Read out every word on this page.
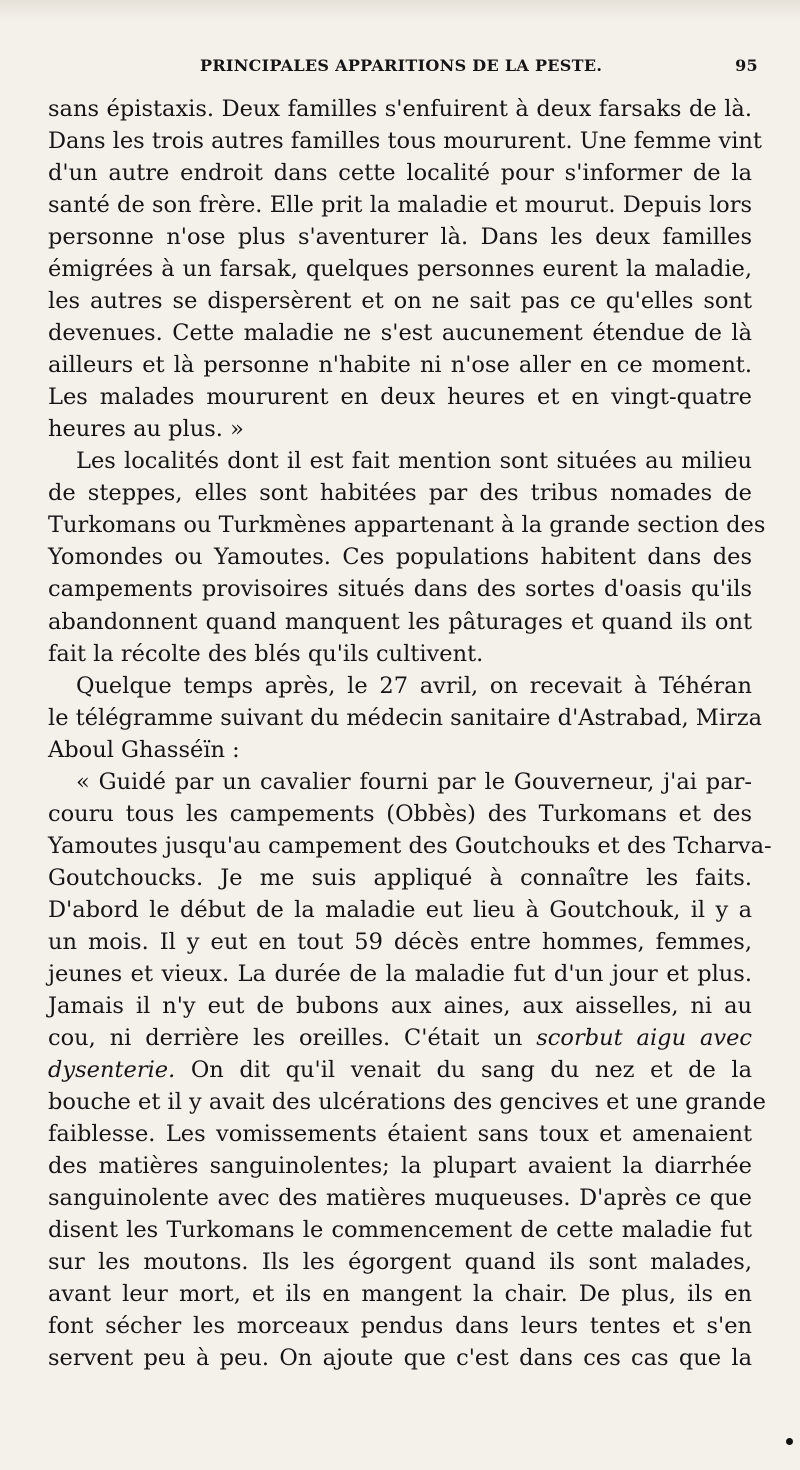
PRINCIPALES APPARITIONS DE LA PESTE.	95
sans épistaxis. Deux familles s'enfuirent à deux farsaks de là.
Dans les trois autres familles tous moururent. Une femme vint
d'un autre endroit dans cette localité pour s'informer de la
santé de son frère. Elle prit la maladie et mourut. Depuis lors
personne n'ose plus s'aventurer là. Dans les deux familles
émigrées à un farsak, quelques personnes eurent la maladie,
les autres se dispersèrent et on ne sait pas ce qu'elles sont
devenues. Cette maladie ne s'est aucunement étendue de là
ailleurs et là personne n'habite ni n'ose aller en ce moment.
Les malades moururent en deux heures et en vingt-quatre
heures au plus. »
Les localités dont il est fait mention sont situées au milieu
de steppes, elles sont habitées par des tribus nomades de
Turkomans ou Turkmènes appartenant à la grande section des
Yomondes ou Yamoutes. Ces populations habitent dans des
campements provisoires situés dans des sortes d'oasis qu'ils
abandonnent quand manquent les pâturages et quand ils ont
fait la récolte des blés qu'ils cultivent.
Quelque temps après, le 27 avril, on recevait à Téhéran
le télégramme suivant du médecin sanitaire d'Astrabad, Mirza
Aboul Ghasséïn :
« Guidé par un cavalier fourni par le Gouverneur, j'ai par-
couru tous les campements (Obbès) des Turkomans et des
Yamoutes jusqu'au campement des Goutchouks et des Tcharva-
Goutchoucks. Je me suis appliqué à connaître les faits.
D'abord le début de la maladie eut lieu à Goutchouk, il y a
un mois. Il y eut en tout 59 décès entre hommes, femmes,
jeunes et vieux. La durée de la maladie fut d'un jour et plus.
Jamais il n'y eut de bubons aux aines, aux aisselles, ni au
cou, ni derrière les oreilles. C'était un scorbut aigu avec
dysenterie. On dit qu'il venait du sang du nez et de la
bouche et il y avait des ulcérations des gencives et une grande
faiblesse. Les vomissements étaient sans toux et amenaient
des matières sanguinolentes; la plupart avaient la diarrhée
sanguinolente avec des matières muqueuses. D'après ce que
disent les Turkomans le commencement de cette maladie fut
sur les moutons. Ils les égorgent quand ils sont malades,
avant leur mort, et ils en mangent la chair. De plus, ils en
font sécher les morceaux pendus dans leurs tentes et s'en
servent peu à peu. On ajoute que c'est dans ces cas que la
